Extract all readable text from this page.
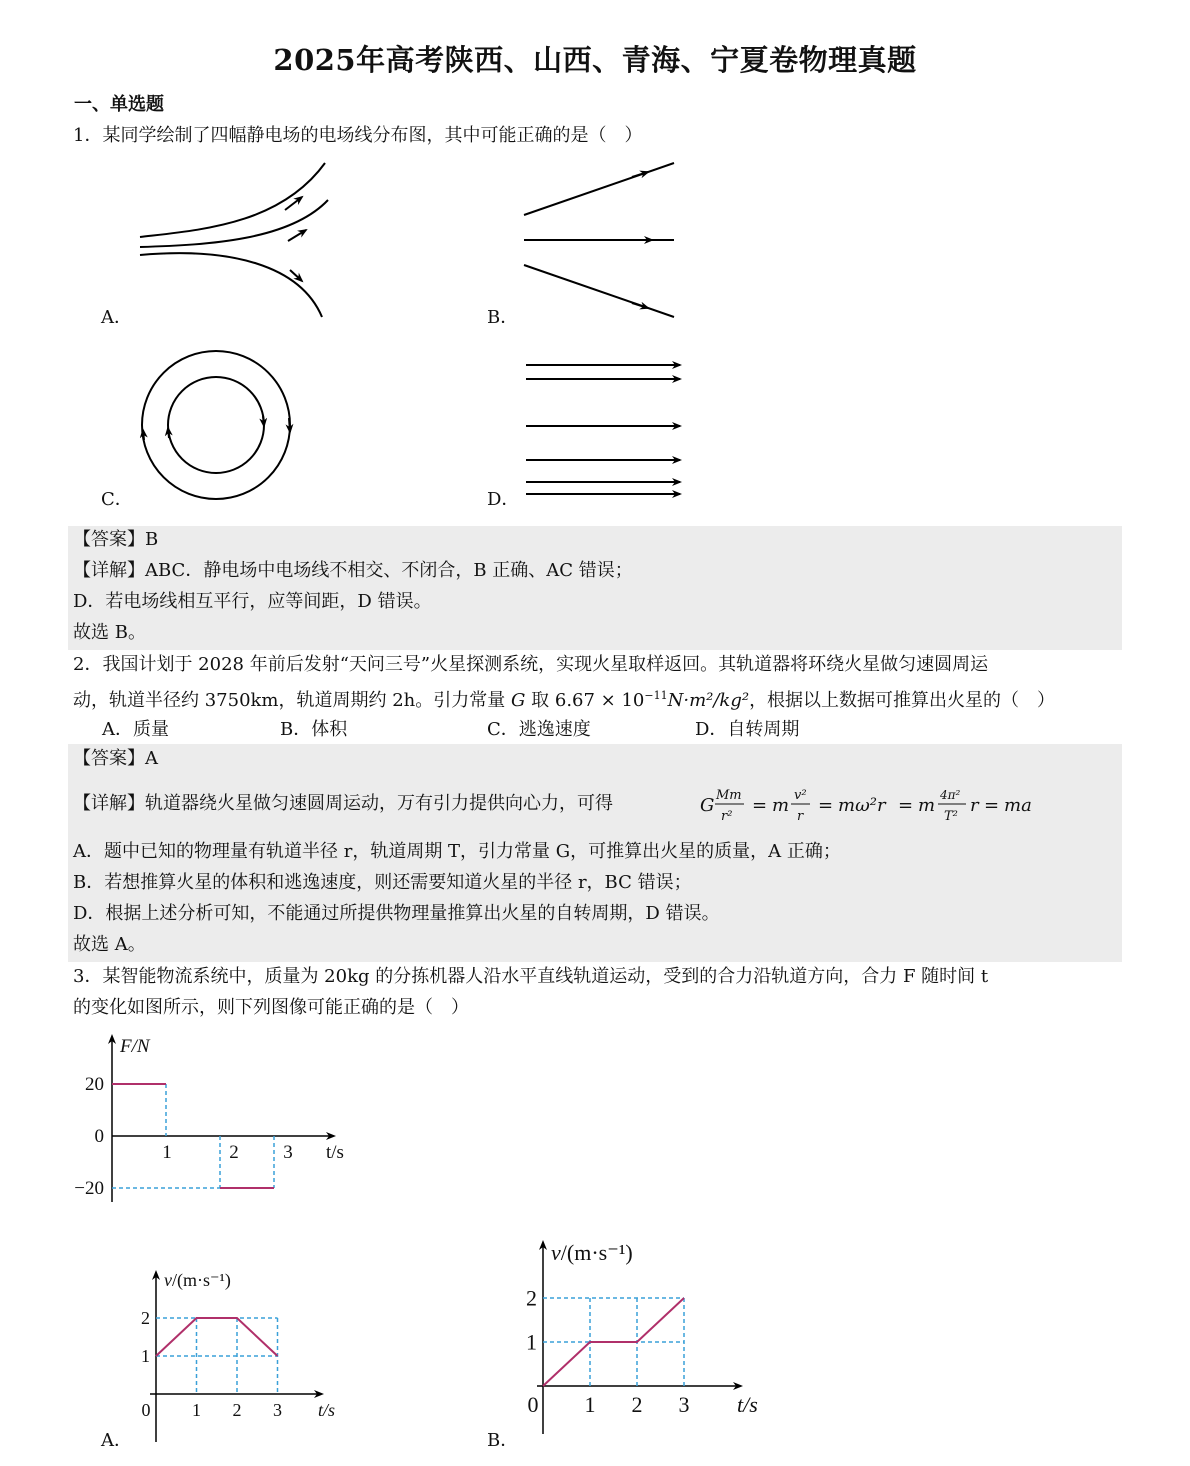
2025年高考陕西、山西、青海、宁夏卷物理真题
一、单选题
1．某同学绘制了四幅静电场的电场线分布图，其中可能正确的是（　）
A．	B．
C．	D．
【答案】B
【详解】ABC．静电场中电场线不相交、不闭合，B 正确、AC 错误；
D．若电场线相互平行，应等间距，D 错误。
故选 B。
2．我国计划于 2028 年前后发射“天问三号”火星探测系统，实现火星取样返回。其轨道器将环绕火星做匀速圆周运
动，轨道半径约 3750km，轨道周期约 2h。引力常量 G 取 $6.67 \times 10^{-11}N\cdot m^2$/kg²，根据以上数据可推算出火星的（　）
A．质量	B．体积	C．逃逸速度	D．自转周期
【答案】A
【详解】轨道器绕火星做匀速圆周运动，万有引力提供向心力，可得	G Mm
r²
= m v²
r
= mω²r = m 4π²
T²
r = ma
A．题中已知的物理量有轨道半径 r，轨道周期 T，引力常量 G，可推算出火星的质量，A 正确；
B．若想推算火星的体积和逃逸速度，则还需要知道火星的半径 r，BC 错误；
D．根据上述分析可知，不能通过所提供物理量推算出火星的自转周期，D 错误。
故选 A。
3．某智能物流系统中，质量为 20kg 的分拣机器人沿水平直线轨道运动，受到的合力沿轨道方向，合力 F 随时间 t
的变化如图所示，则下列图像可能正确的是（　）
20
0
−20
1	2 3
F/N
t/s
0 1 2 3
1
2
v/(m·s⁻¹)
t/s
A．
0 1 2 3
1
2
v/(m·s⁻¹)
t/s
B．
